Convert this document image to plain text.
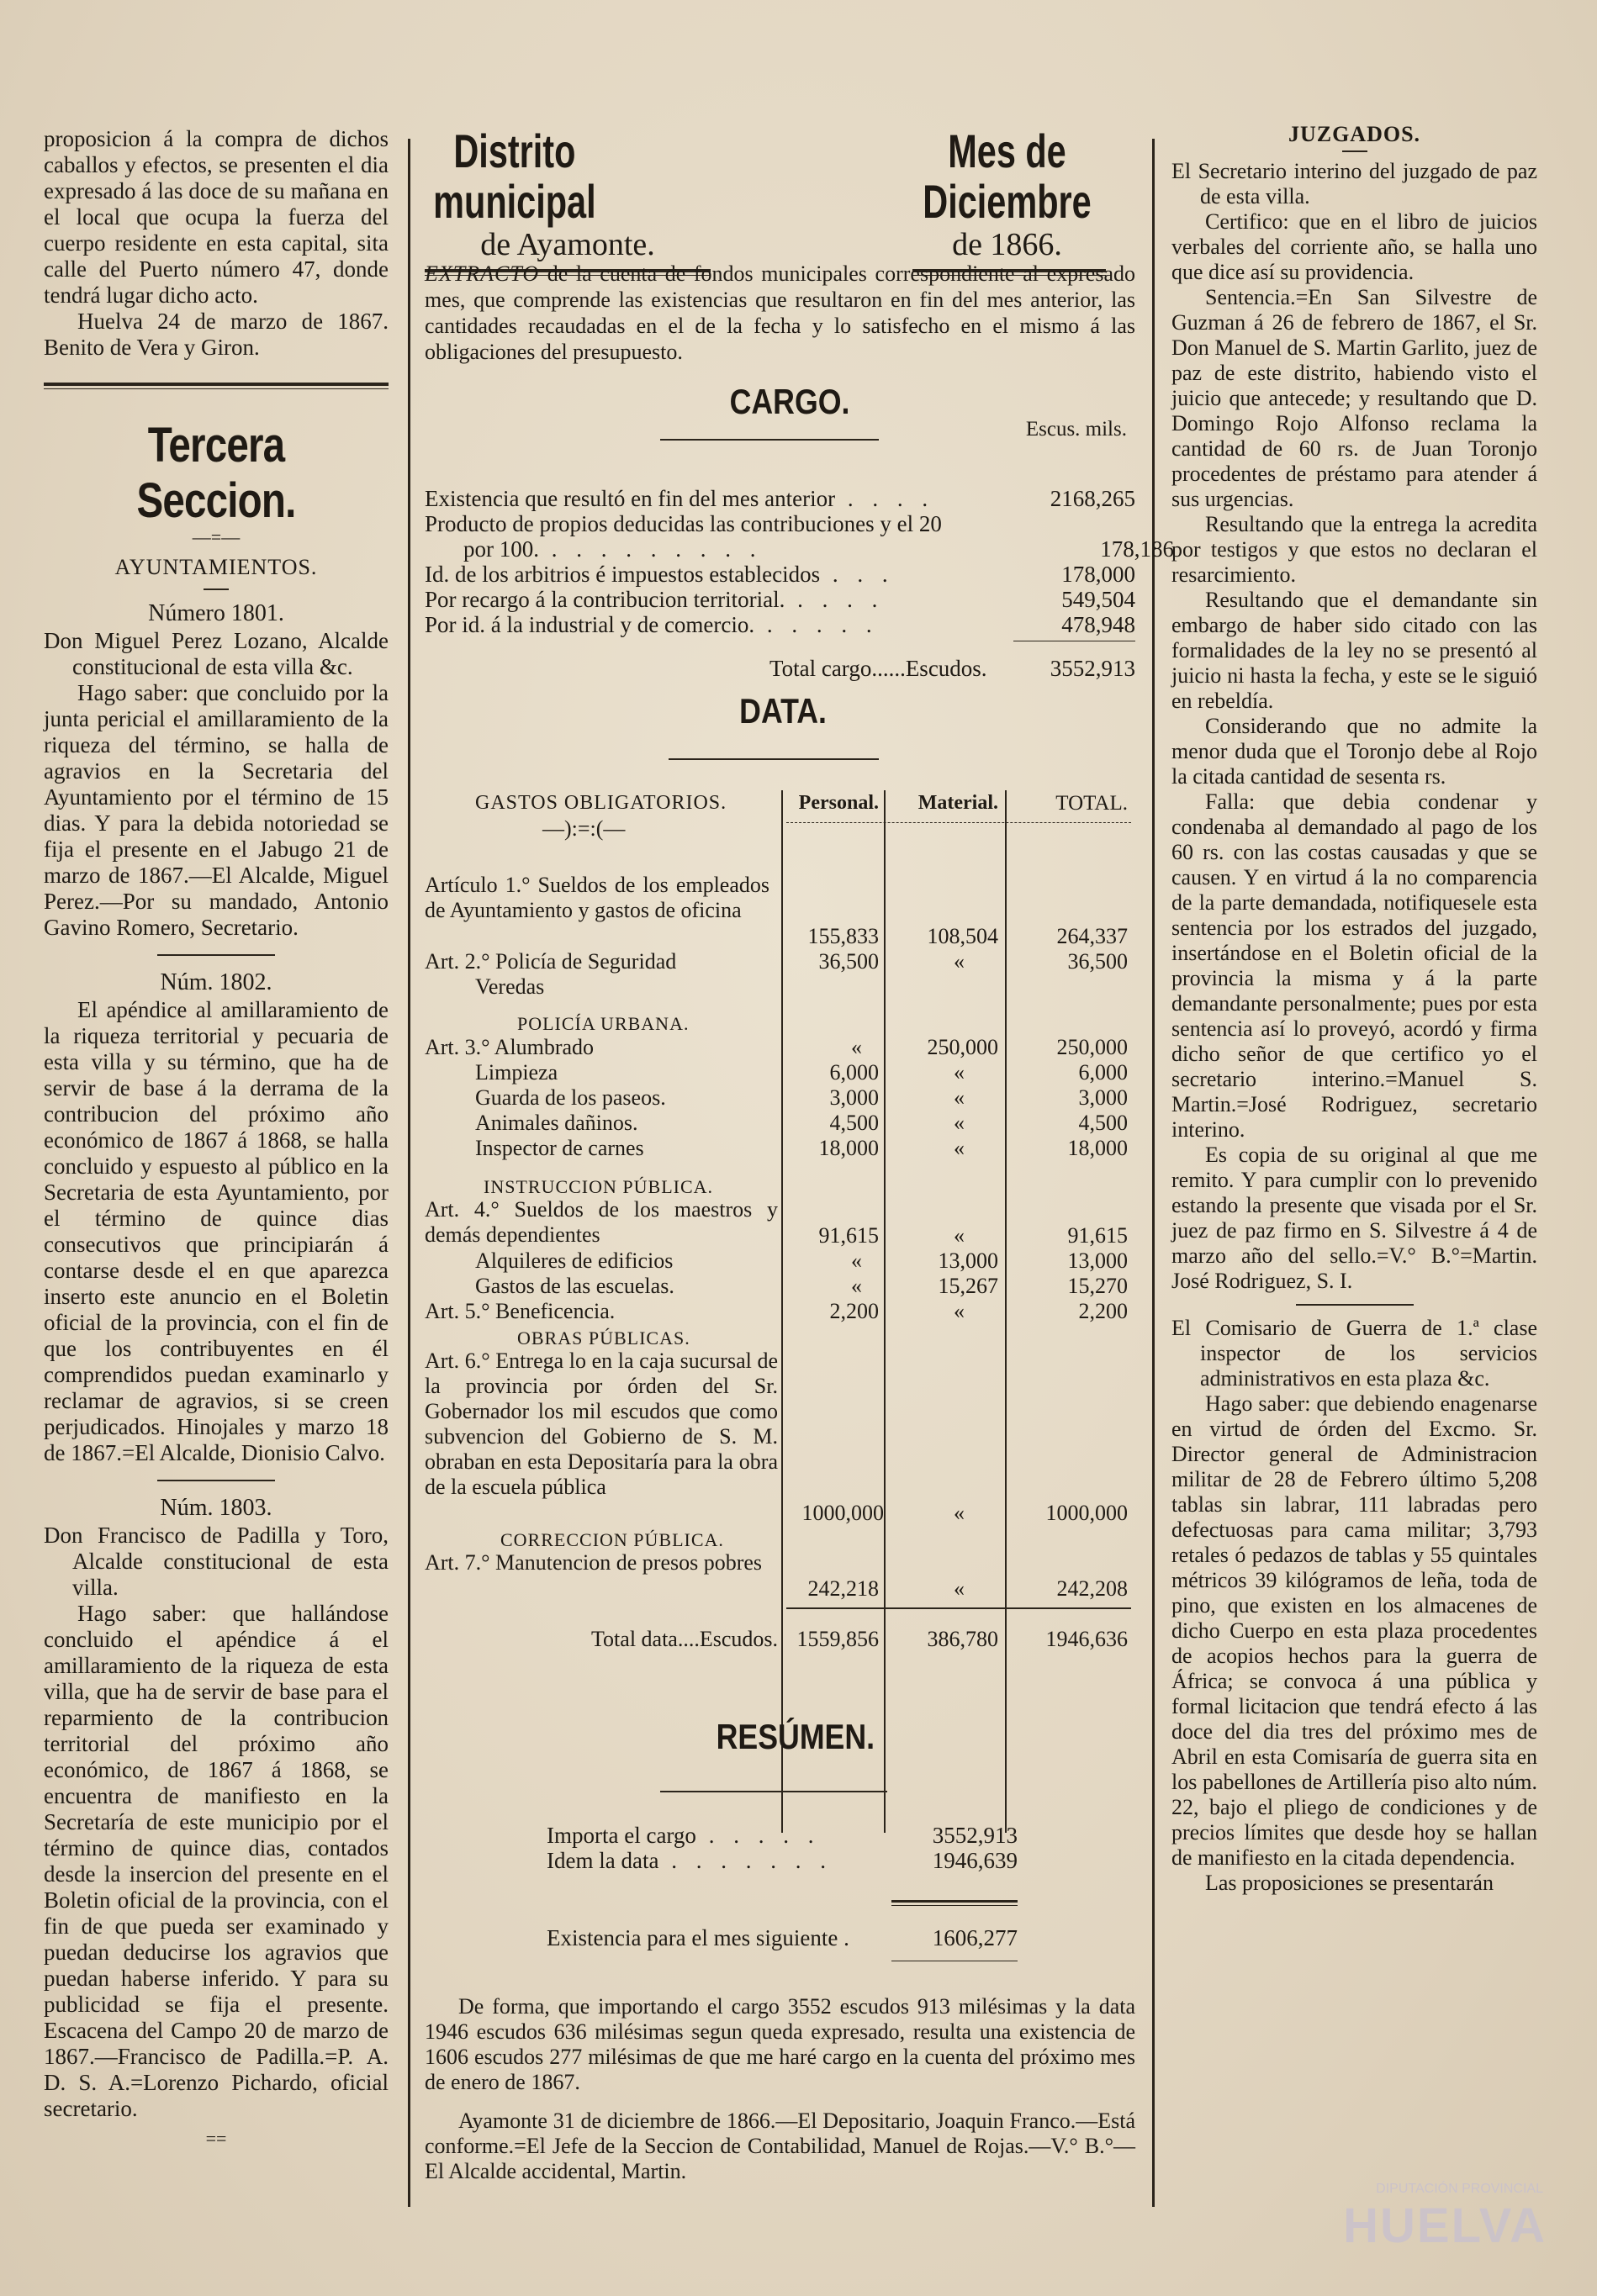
proposicion á la compra de dichos caballos y efectos, se presenten el dia expresado á las doce de su mañana en el local que ocupa la fuerza del cuerpo residente en esta capital, sita calle del Puerto número 47, donde tendrá lugar dicho acto.

Huelva 24 de marzo de 1867. Benito de Vera y Giron.

Tercera Seccion.
—=—
AYUNTAMIENTOS.
Número 1801.

Don Miguel Perez Lozano, Alcalde constitucional de esta villa &c.

Hago saber: que concluido por la junta pericial el amillaramiento de la riqueza del término, se halla de agravios en la Secretaria del Ayuntamiento por el término de 15 dias. Y para la debida notoriedad se fija el presente en el Jabugo 21 de marzo de 1867.—El Alcalde, Miguel Perez.—Por su mandado, Antonio Gavino Romero, Secretario.

Núm. 1802.

El apéndice al amillaramiento de la riqueza territorial y pecuaria de esta villa y su término, que ha de servir de base á la derrama de la contribucion del próximo año económico de 1867 á 1868, se halla concluido y espuesto al público en la Secretaria de esta Ayuntamiento, por el término de quince dias consecutivos que principiarán á contarse desde el en que aparezca inserto este anuncio en el Boletin oficial de la provincia, con el fin de que los contribuyentes en él comprendidos puedan examinarlo y reclamar de agravios, si se creen perjudicados. Hinojales y marzo 18 de 1867.=El Alcalde, Dionisio Calvo.

Núm. 1803.

Don Francisco de Padilla y Toro, Alcalde constitucional de esta villa.

Hago saber: que hallándose concluido el apéndice á el amillaramiento de la riqueza de esta villa, que ha de servir de base para el reparmiento de la contribucion territorial del próximo año económico, de 1867 á 1868, se encuentra de manifiesto en la Secretaría de este municipio por el término de quince dias, contados desde la insercion del presente en el Boletin oficial de la provincia, con el fin de que pueda ser examinado y puedan deducirse los agravios que puedan haberse inferido. Y para su publicidad se fija el presente. Escacena del Campo 20 de marzo de 1867.—Francisco de Padilla.=P. A. D. S. A.=Lorenzo Pichardo, oficial secretario.

==
Distrito municipal
de Ayamonte.
Mes de Diciembre
de 1866.
EXTRACTO de la cuenta de fondos municipales correspondiente al expresado mes, que comprende las existencias que resultaron en fin del mes anterior, las cantidades recaudadas en el de la fecha y lo satisfecho en el mismo á las obligaciones del presupuesto.
CARGO.
Escus. mils.
Existencia que resultó en fin del mes anterior . . . .	2168,265
Producto de propios deducidas las contribuciones y el 20
por 100. . . . . . . . . .	178,186
Id. de los arbitrios é impuestos establecidos . . .	178,000
Por recargo á la contribucion territorial. . . . .	549,504
Por id. á la industrial y de comercio. . . . . .	478,948
Total cargo......Escudos.	3552,913
DATA.
GASTOS OBLIGATORIOS.
—):=:(—
Personal.	Material.	TOTAL.
Artículo 1.° Sueldos de los empleados de Ayuntamiento y gastos de oficina
155,833	108,504	264,337
Art. 2.° Policía de Seguridad	36,500	«	36,500
Veredas
POLICÍA URBANA.
Art. 3.° Alumbrado	«	250,000	250,000
Limpieza	6,000	«	6,000
Guarda de los paseos.	3,000	«	3,000
Animales dañinos.	4,500	«	4,500
Inspector de carnes	18,000	«	18,000
INSTRUCCION PÚBLICA.
Art. 4.° Sueldos de los maestros y demás dependientes	91,615	«	91,615
Alquileres de edificios	«	13,000	13,000
Gastos de las escuelas.	«	15,267	15,270
Art. 5.° Beneficencia.	2,200	«	2,200
OBRAS PÚBLICAS.
Art. 6.° Entrega lo en la caja sucursal de la provincia por órden del Sr. Gobernador los mil escudos que como subvencion del Gobierno de S. M. obraban en esta Depositaría para la obra de la escuela pública
1000,000	«	1000,000
CORRECCION PÚBLICA.
Art. 7.° Manutencion de presos pobres
242,218	«	242,208
Total data....Escudos. 1559,856	386,780	1946,636
RESÚMEN.
Importa el cargo . . . . .	3552,913
Idem la data . . . . . . .	1946,639
Existencia para el mes siguiente .	1606,277

De forma, que importando el cargo 3552 escudos 913 milésimas y la data 1946 escudos 636 milésimas segun queda expresado, resulta una existencia de 1606 escudos 277 milésimas de que me haré cargo en la cuenta del próximo mes de enero de 1867.

Ayamonte 31 de diciembre de 1866.—El Depositario, Joaquin Franco.—Está conforme.=El Jefe de la Seccion de Contabilidad, Manuel de Rojas.—V.° B.°—El Alcalde accidental, Martin.

JUZGADOS.

El Secretario interino del juzgado de paz de esta villa.

Certifico: que en el libro de juicios verbales del corriente año, se halla uno que dice así su providencia.

Sentencia.=En San Silvestre de Guzman á 26 de febrero de 1867, el Sr. Don Manuel de S. Martin Garlito, juez de paz de este distrito, habiendo visto el juicio que antecede; y resultando que D. Domingo Rojo Alfonso reclama la cantidad de 60 rs. de Juan Toronjo procedentes de préstamo para atender á sus urgencias.

Resultando que la entrega la acredita por testigos y que estos no declaran el resarcimiento.

Resultando que el demandante sin embargo de haber sido citado con las formalidades de la ley no se presentó al juicio ni hasta la fecha, y este se le siguió en rebeldía.

Considerando que no admite la menor duda que el Toronjo debe al Rojo la citada cantidad de sesenta rs.

Falla: que debia condenar y condenaba al demandado al pago de los 60 rs. con las costas causadas y que se causen. Y en virtud á la no comparencia de la parte demandada, notifiquesele esta sentencia por los estrados del juzgado, insertándose en el Boletin oficial de la provincia la misma y á la parte demandante personalmente; pues por esta sentencia así lo proveyó, acordó y firma dicho señor de que certifico yo el secretario interino.=Manuel S. Martin.=José Rodriguez, secretario interino.

Es copia de su original al que me remito. Y para cumplir con lo prevenido estando la presente que visada por el Sr. juez de paz firmo en S. Silvestre á 4 de marzo año del sello.=V.° B.°=Martin. José Rodriguez, S. I.

El Comisario de Guerra de 1.ª clase inspector de los servicios administrativos en esta plaza &c.

Hago saber: que debiendo enagenarse en virtud de órden del Excmo. Sr. Director general de Administracion militar de 28 de Febrero último 5,208 tablas sin labrar, 111 labradas pero defectuosas para cama militar; 3,793 retales ó pedazos de tablas y 55 quintales métricos 39 kilógramos de leña, toda de pino, que existen en los almacenes de dicho Cuerpo en esta plaza procedentes de acopios hechos para la guerra de África; se convoca á una pública y formal licitacion que tendrá efecto á las doce del dia tres del próximo mes de Abril en esta Comisaría de guerra sita en los pabellones de Artillería piso alto núm. 22, bajo el pliego de condiciones y de precios límites que desde hoy se hallan de manifiesto en la citada dependencia.

Las proposiciones se presentarán

DIPUTACIÓN PROVINCIAL
HUELVA
